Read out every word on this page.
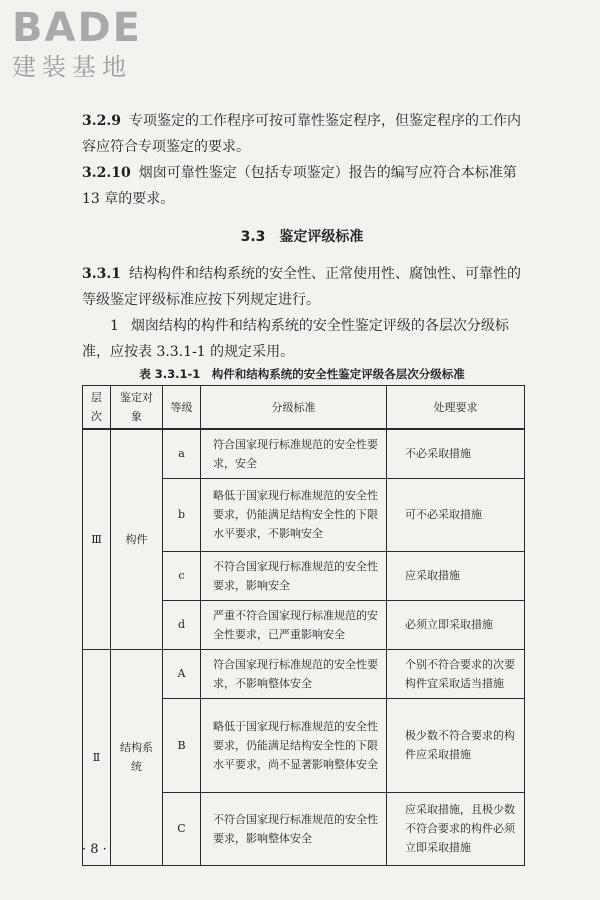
BADE
建装基地

3.2.9 专项鉴定的工作程序可按可靠性鉴定程序，但鉴定程序的工作内容应符合专项鉴定的要求。

3.2.10 烟囱可靠性鉴定（包括专项鉴定）报告的编写应符合本标准第 13 章的要求。

3.3　 鉴定评级标准

3.3.1 结构构件和结构系统的安全性、正常使用性、腐蚀性、可靠性的等级鉴定评级标准应按下列规定进行。

1 烟囱结构的构件和结构系统的安全性鉴定评级的各层次分级标准，应按表 3.3.1-1 的规定采用。

表 3.3.1-1　构件和结构系统的安全性鉴定评级各层次分级标准
层次	鉴定对象	等级	分级标准	处理要求
Ⅲ	构件	a	符合国家现行标准规范的安全性要求，安全	不必采取措施
		b	略低于国家现行标准规范的安全性要求，仍能满足结构安全性的下限水平要求，不影响安全	可不必采取措施
		c	不符合国家现行标准规范的安全性要求，影响安全	应采取措施
		d	严重不符合国家现行标准规范的安全性要求，已严重影响安全	必须立即采取措施
Ⅱ	结构系统	A	符合国家现行标准规范的安全性要求，不影响整体安全	个别不符合要求的次要构件宜采取适当措施
		B	略低于国家现行标准规范的安全性要求，仍能满足结构安全性的下限水平要求，尚不显著影响整体安全	极少数不符合要求的构件应采取措施
		C	不符合国家现行标准规范的安全性要求，影响整体安全	应采取措施，且极少数不符合要求的构件必须立即采取措施
· 8 ·
